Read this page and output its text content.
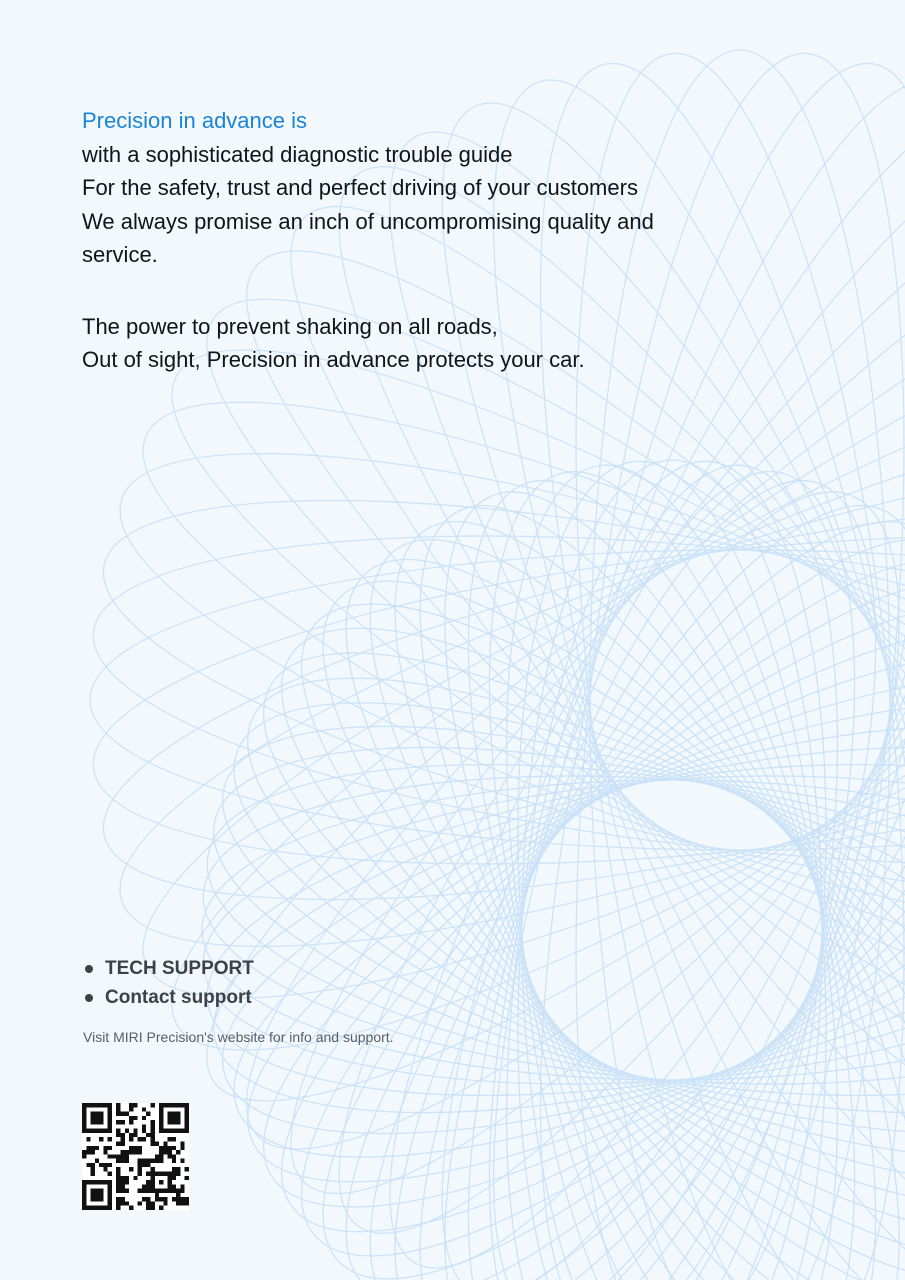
Precision in advance is

with a sophisticated diagnostic trouble guide

For the safety, trust and perfect driving of your customers

We always promise an inch of uncompromising quality and service.

The power to prevent shaking on all roads,

Out of sight, Precision in advance protects your car.

TECH SUPPORT
Contact support

Visit MIRI Precision's website for info and support.
